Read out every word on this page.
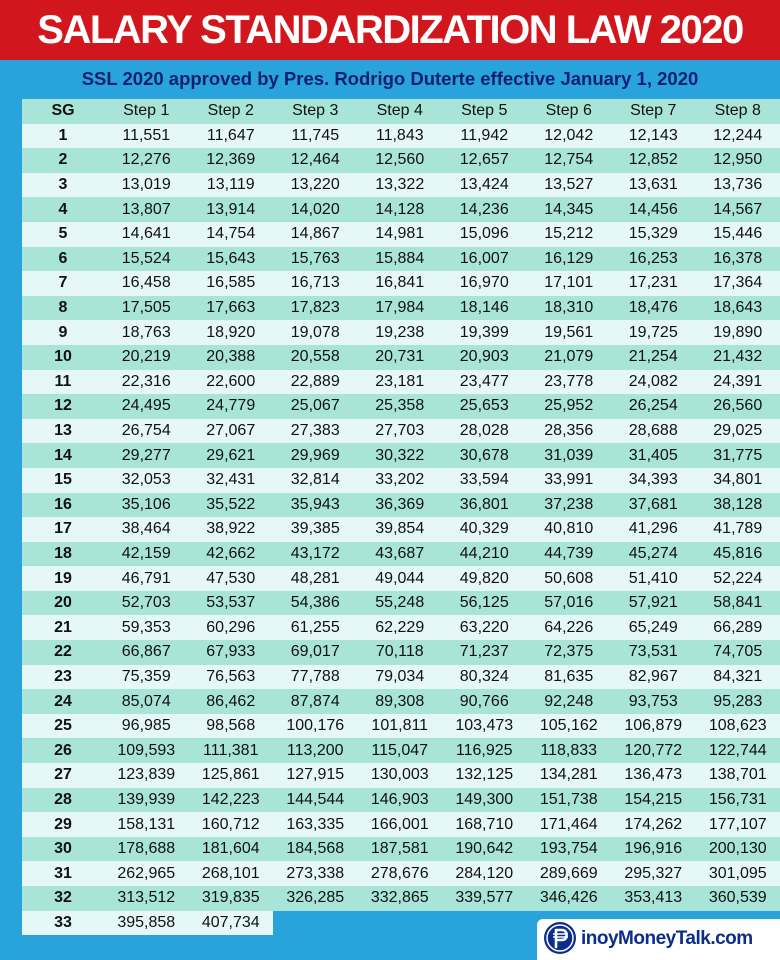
SALARY STANDARDIZATION LAW 2020
SSL 2020 approved by Pres. Rodrigo Duterte effective January 1, 2020
SG	Step 1	Step 2	Step 3	Step 4	Step 5	Step 6	Step 7	Step 8
1	11,551	11,647	11,745	11,843	11,942	12,042	12,143	12,244
2	12,276	12,369	12,464	12,560	12,657	12,754	12,852	12,950
3	13,019	13,119	13,220	13,322	13,424	13,527	13,631	13,736
4	13,807	13,914	14,020	14,128	14,236	14,345	14,456	14,567
5	14,641	14,754	14,867	14,981	15,096	15,212	15,329	15,446
6	15,524	15,643	15,763	15,884	16,007	16,129	16,253	16,378
7	16,458	16,585	16,713	16,841	16,970	17,101	17,231	17,364
8	17,505	17,663	17,823	17,984	18,146	18,310	18,476	18,643
9	18,763	18,920	19,078	19,238	19,399	19,561	19,725	19,890
10	20,219	20,388	20,558	20,731	20,903	21,079	21,254	21,432
11	22,316	22,600	22,889	23,181	23,477	23,778	24,082	24,391
12	24,495	24,779	25,067	25,358	25,653	25,952	26,254	26,560
13	26,754	27,067	27,383	27,703	28,028	28,356	28,688	29,025
14	29,277	29,621	29,969	30,322	30,678	31,039	31,405	31,775
15	32,053	32,431	32,814	33,202	33,594	33,991	34,393	34,801
16	35,106	35,522	35,943	36,369	36,801	37,238	37,681	38,128
17	38,464	38,922	39,385	39,854	40,329	40,810	41,296	41,789
18	42,159	42,662	43,172	43,687	44,210	44,739	45,274	45,816
19	46,791	47,530	48,281	49,044	49,820	50,608	51,410	52,224
20	52,703	53,537	54,386	55,248	56,125	57,016	57,921	58,841
21	59,353	60,296	61,255	62,229	63,220	64,226	65,249	66,289
22	66,867	67,933	69,017	70,118	71,237	72,375	73,531	74,705
23	75,359	76,563	77,788	79,034	80,324	81,635	82,967	84,321
24	85,074	86,462	87,874	89,308	90,766	92,248	93,753	95,283
25	96,985	98,568	100,176	101,811	103,473	105,162	106,879	108,623
26	109,593	111,381	113,200	115,047	116,925	118,833	120,772	122,744
27	123,839	125,861	127,915	130,003	132,125	134,281	136,473	138,701
28	139,939	142,223	144,544	146,903	149,300	151,738	154,215	156,731
29	158,131	160,712	163,335	166,001	168,710	171,464	174,262	177,107
30	178,688	181,604	184,568	187,581	190,642	193,754	196,916	200,130
31	262,965	268,101	273,338	278,676	284,120	289,669	295,327	301,095
32	313,512	319,835	326,285	332,865	339,577	346,426	353,413	360,539
33	395,858	407,734						
inoyMoneyTalk.com
